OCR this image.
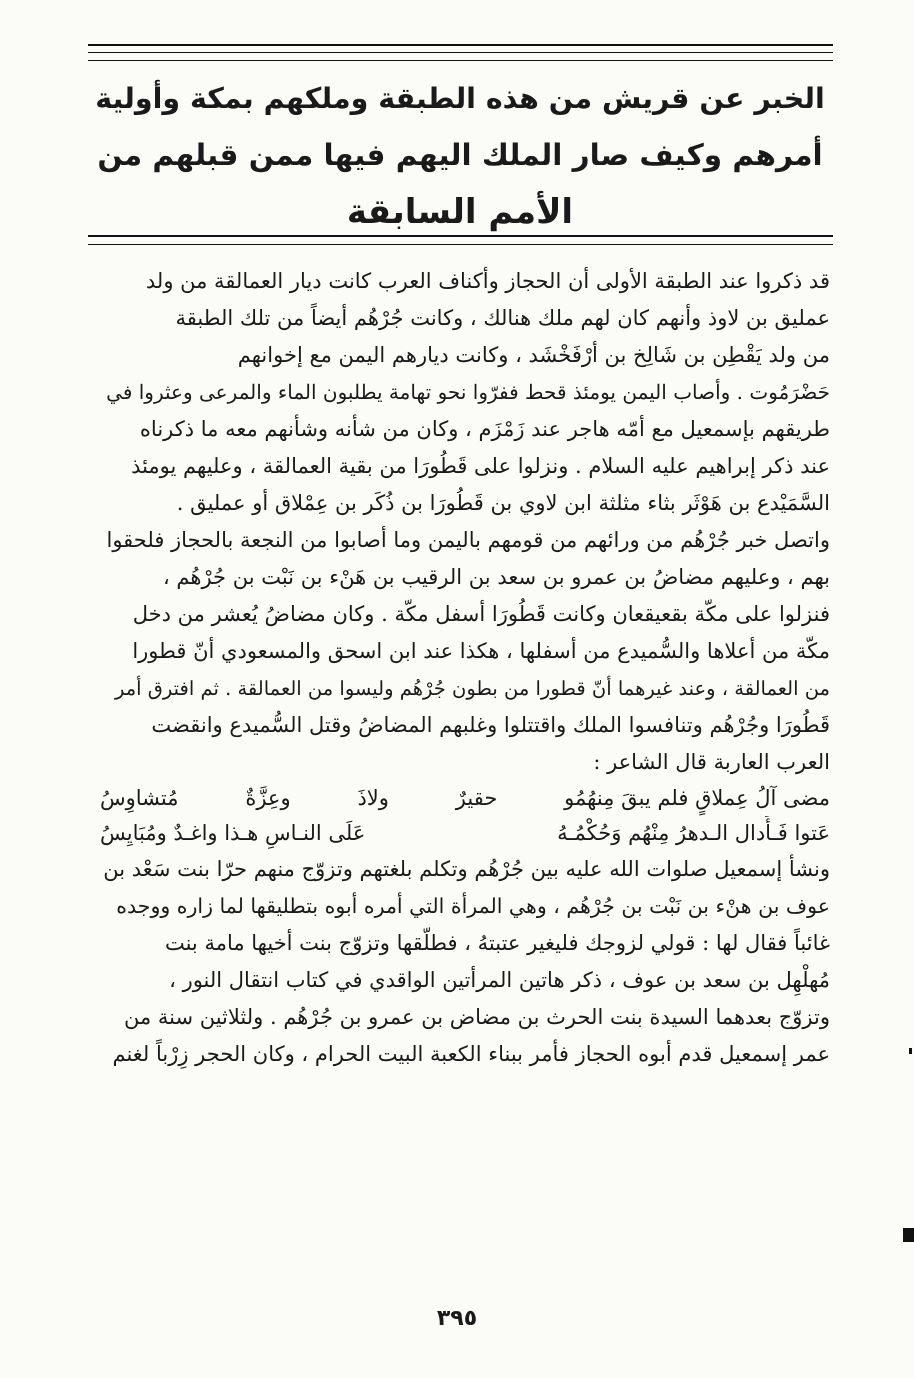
الخبر عن قريش من هذه الطبقة وملكهم بمكة وأولية
أمرهم وكيف صار الملك اليهم فيها ممن قبلهم من
الأمم السابقة
قد ذكروا عند الطبقة الأولى أن الحجاز وأكناف العرب كانت ديار العمالقة من ولد
عمليق بن لاوذ وأنهم كان لهم ملك هنالك ، وكانت جُرْهُم أيضاً من تلك الطبقة
من ولد يَقْطِن بن شَالِخ بن أرْفَخْشَد ، وكانت ديارهم اليمن مع إخوانهم
حَضْرَمُوت . وأصاب اليمن يومئذ قحط ففرّوا نحو تهامة يطلبون الماء والمرعى وعثروا في
طريقهم بإسمعيل مع أمّه هاجر عند زَمْزَم ، وكان من شأنه وشأنهم معه ما ذكرناه
عند ذكر إبراهيم عليه السلام . ونزلوا على قَطُورَا من بقية العمالقة ، وعليهم يومئذ
السَّمَيْدع بن هَوْثَر بثاء مثلثة ابن لاوي بن قَطُورَا بن ذُكَر بن عِمْلاق أو عمليق .
واتصل خبر جُرْهُم من ورائهم من قومهم باليمن وما أصابوا من النجعة بالحجاز فلحقوا
بهم ، وعليهم مضاضُ بن عمرو بن سعد بن الرقيب بن هَنْء بن نَبْت بن جُرْهُم ،
فنزلوا على مكّة بقعيقعان وكانت قَطُورَا أسفل مكّة . وكان مضاضُ يُعشر من دخل
مكّة من أعلاها والسُّميدع من أسفلها ، هكذا عند ابن اسحق والمسعودي أنّ قطورا
من العمالقة ، وعند غيرهما أنّ قطورا من بطون جُرْهُم وليسوا من العمالقة . ثم افترق أمر
قَطُورَا وجُرْهُم وتنافسوا الملك واقتتلوا وغلبهم المضاضُ وقتل السُّميدع وانقضت
العرب العاربة قال الشاعر :
مضى آلُ عِملاقٍ فلم يبقَ مِنهُمُو
حقيرٌ
ولاذَ
وعِزَّةٌ
مُتشاوِسُ
عَتوا فَـأَدال الـدهرُ مِنْهُم وَحُكْمُـهُ
عَلَى النـاسِ هـذا واغـدٌ ومُبَايِسُ
ونشأ إسمعيل صلوات الله عليه بين جُرْهُم وتكلم بلغتهم وتزوّج منهم حرّا بنت سَعْد بن
عوف بن هنْء بن نَبْت بن جُرْهُم ، وهي المرأة التي أمره أبوه بتطليقها لما زاره ووجده
غائباً فقال لها : قولي لزوجك فليغير عتبتهُ ، فطلّقها وتزوّج بنت أخيها مامة بنت
مُهلْهِل بن سعد بن عوف ، ذكر هاتين المرأتين الواقدي في كتاب انتقال النور ،
وتزوّج بعدهما السيدة بنت الحرث بن مضاض بن عمرو بن جُرْهُم . ولثلاثين سنة من
عمر إسمعيل قدم أبوه الحجاز فأمر ببناء الكعبة البيت الحرام ، وكان الحجر زِرْباً لغنم
٣٩٥
